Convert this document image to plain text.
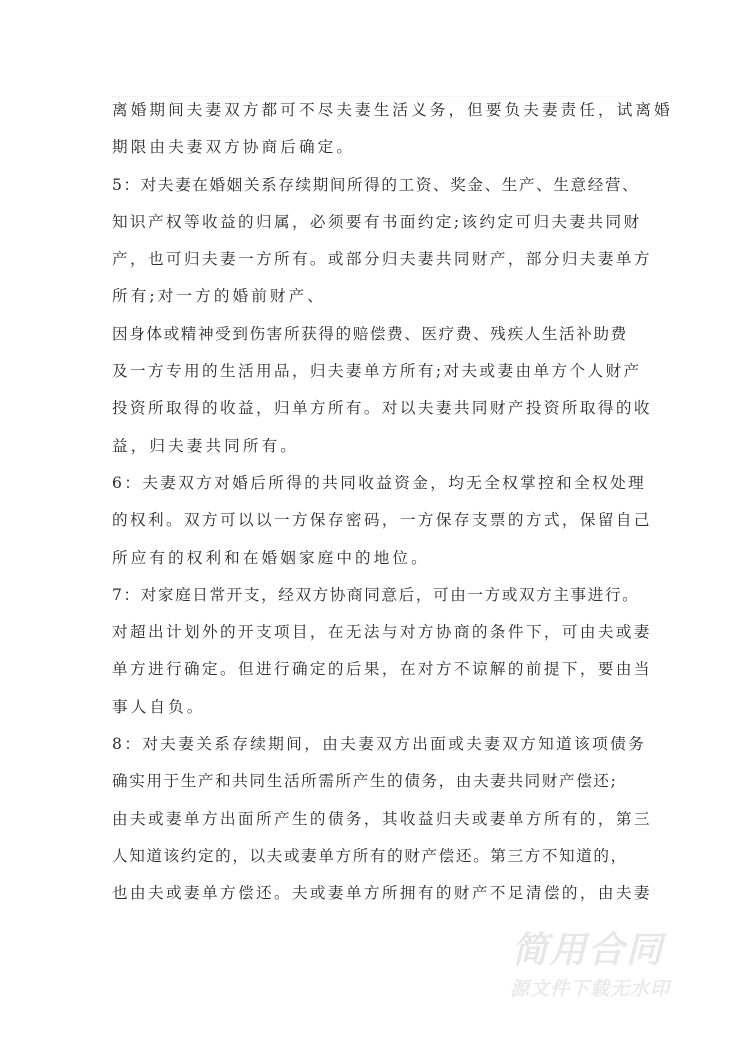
离婚期间夫妻双方都可不尽夫妻生活义务，但要负夫妻责任，试离婚
期限由夫妻双方协商后确定。
5：对夫妻在婚姻关系存续期间所得的工资、奖金、生产、生意经营、
知识产权等收益的归属，必须要有书面约定;该约定可归夫妻共同财
产，也可归夫妻一方所有。或部分归夫妻共同财产，部分归夫妻单方
所有;对一方的婚前财产、
因身体或精神受到伤害所获得的赔偿费、医疗费、残疾人生活补助费
及一方专用的生活用品，归夫妻单方所有;对夫或妻由单方个人财产
投资所取得的收益，归单方所有。对以夫妻共同财产投资所取得的收
益，归夫妻共同所有。
6：夫妻双方对婚后所得的共同收益资金，均无全权掌控和全权处理
的权利。双方可以以一方保存密码，一方保存支票的方式，保留自己
所应有的权利和在婚姻家庭中的地位。
7：对家庭日常开支，经双方协商同意后，可由一方或双方主事进行。
对超出计划外的开支项目，在无法与对方协商的条件下，可由夫或妻
单方进行确定。但进行确定的后果，在对方不谅解的前提下，要由当
事人自负。
8：对夫妻关系存续期间，由夫妻双方出面或夫妻双方知道该项债务
确实用于生产和共同生活所需所产生的债务，由夫妻共同财产偿还;
由夫或妻单方出面所产生的债务，其收益归夫或妻单方所有的，第三
人知道该约定的，以夫或妻单方所有的财产偿还。第三方不知道的，
也由夫或妻单方偿还。夫或妻单方所拥有的财产不足清偿的，由夫妻
简用合同
源文件下载无水印
